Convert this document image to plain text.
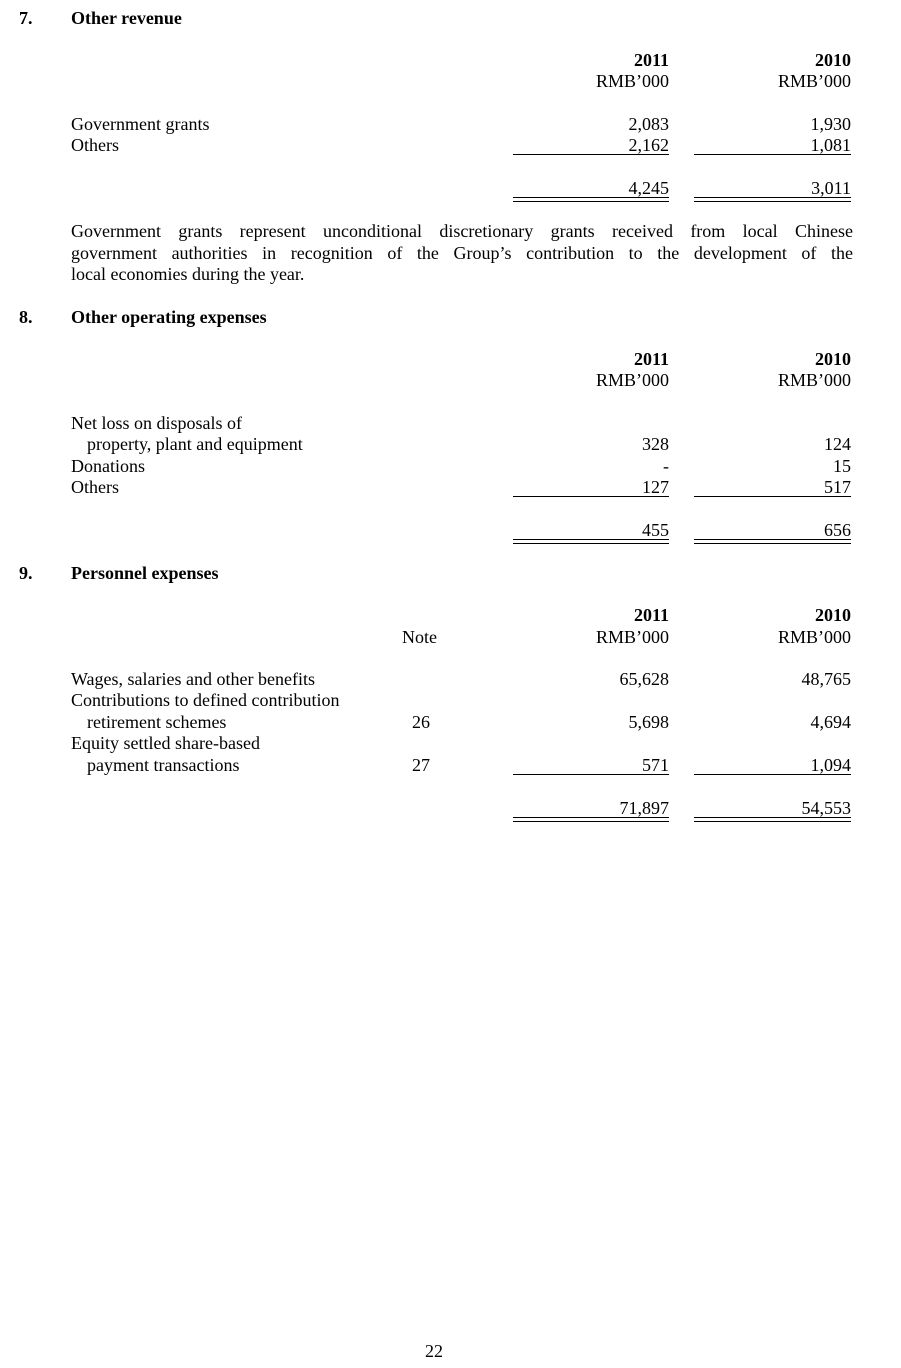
7. Other revenue
2011	2010
RMB’000	RMB’000
Government grants	2,083	1,930
Others	2,162	1,081
4,245	3,011
Government grants represent unconditional discretionary grants received from local Chinese
government authorities in recognition of the Group’s contribution to the development of the
local economies during the year.
8. Other operating expenses
2011	2010
RMB’000	RMB’000
Net loss on disposals of
property, plant and equipment	328	124
Donations	-	15
Others	127	517
455	656
9. Personnel expenses
2011	2010
Note	RMB’000	RMB’000
Wages, salaries and other benefits	65,628	48,765
Contributions to defined contribution
retirement schemes	26	5,698	4,694
Equity settled share-based
payment transactions	27	571	1,094
71,897	54,553
22
